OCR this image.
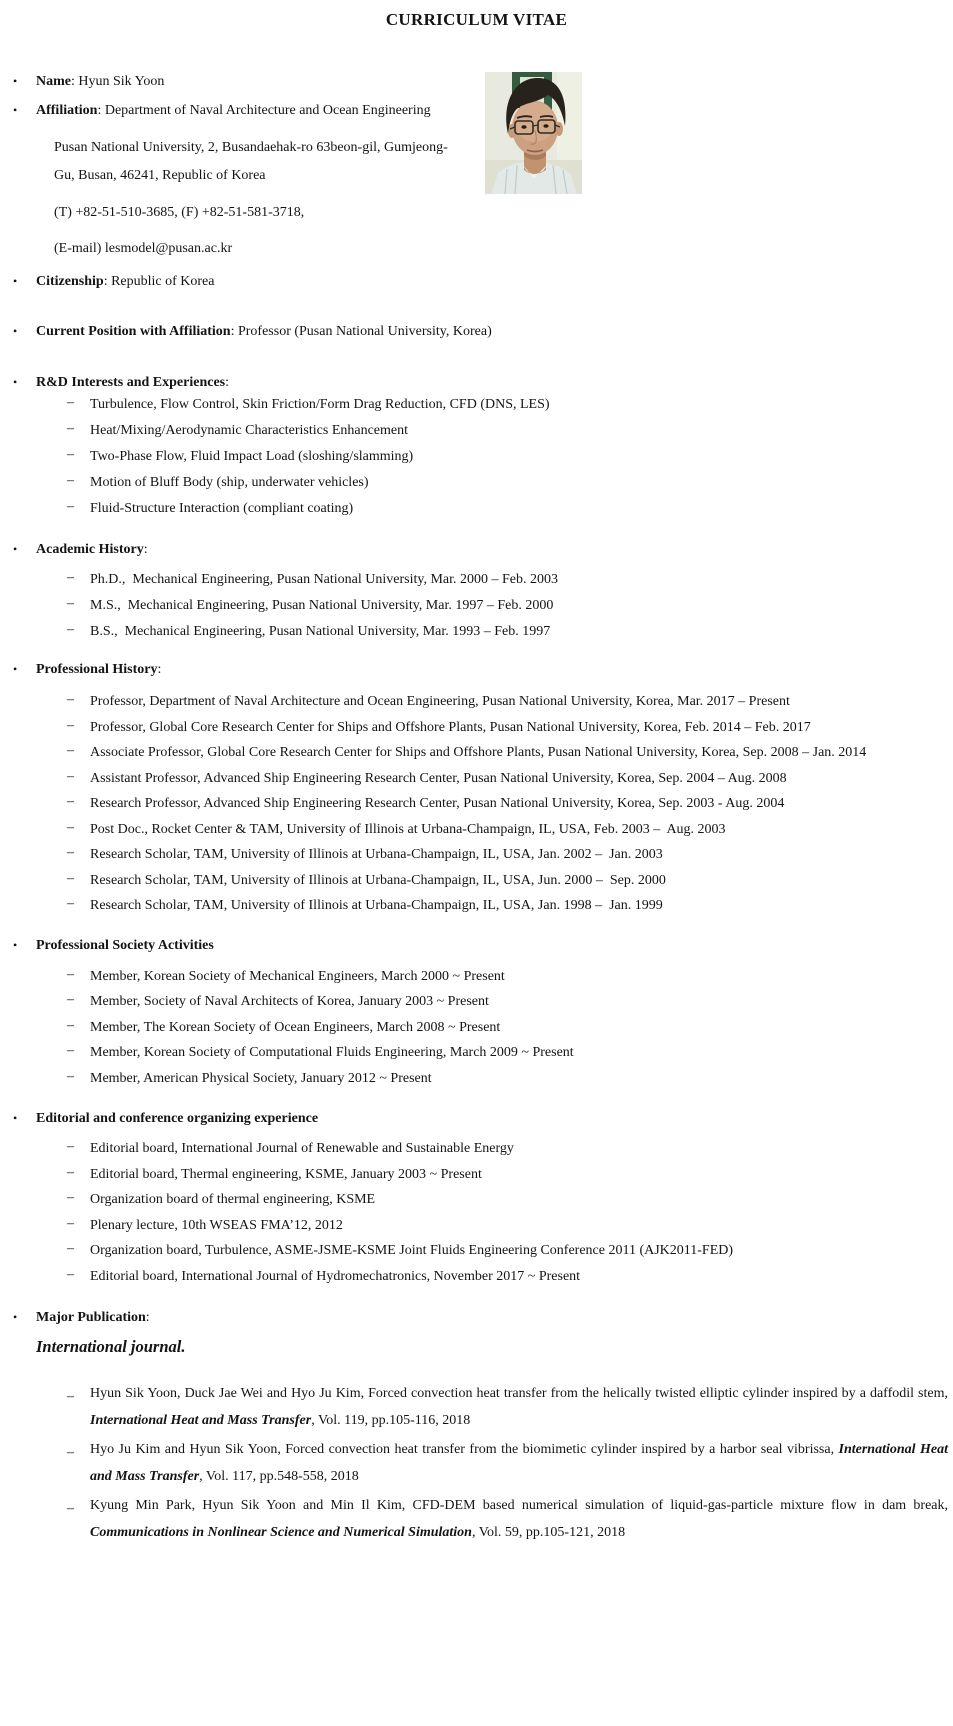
CURRICULUM VITAE
• Name: Hyun Sik Yoon
• Affiliation: Department of Naval Architecture and Ocean Engineering
Pusan National University, 2, Busandaehak-ro 63beon-gil, Gumjeong-
Gu, Busan, 46241, Republic of Korea
(T) +82-51-510-3685, (F) +82-51-581-3718,
(E-mail) lesmodel@pusan.ac.kr
• Citizenship: Republic of Korea
• Current Position with Affiliation: Professor (Pusan National University, Korea)
• R&D Interests and Experiences:
– Turbulence, Flow Control, Skin Friction/Form Drag Reduction, CFD (DNS, LES)
– Heat/Mixing/Aerodynamic Characteristics Enhancement
– Two-Phase Flow, Fluid Impact Load (sloshing/slamming)
– Motion of Bluff Body (ship, underwater vehicles)
– Fluid-Structure Interaction (compliant coating)
• Academic History:
– Ph.D.,  Mechanical Engineering, Pusan National University, Mar. 2000 – Feb. 2003
– M.S.,  Mechanical Engineering, Pusan National University, Mar. 1997 – Feb. 2000
– B.S.,  Mechanical Engineering, Pusan National University, Mar. 1993 – Feb. 1997
• Professional History:
– Professor, Department of Naval Architecture and Ocean Engineering, Pusan National University, Korea, Mar. 2017 – Present
– Professor, Global Core Research Center for Ships and Offshore Plants, Pusan National University, Korea, Feb. 2014 – Feb. 2017
– Associate Professor, Global Core Research Center for Ships and Offshore Plants, Pusan National University, Korea, Sep. 2008 – Jan. 2014
– Assistant Professor, Advanced Ship Engineering Research Center, Pusan National University, Korea, Sep. 2004 – Aug. 2008
– Research Professor, Advanced Ship Engineering Research Center, Pusan National University, Korea, Sep. 2003 - Aug. 2004
– Post Doc., Rocket Center & TAM, University of Illinois at Urbana-Champaign, IL, USA, Feb. 2003 –  Aug. 2003
– Research Scholar, TAM, University of Illinois at Urbana-Champaign, IL, USA, Jan. 2002 –  Jan. 2003
– Research Scholar, TAM, University of Illinois at Urbana-Champaign, IL, USA, Jun. 2000 –  Sep. 2000
– Research Scholar, TAM, University of Illinois at Urbana-Champaign, IL, USA, Jan. 1998 –  Jan. 1999
• Professional Society Activities
– Member, Korean Society of Mechanical Engineers, March 2000 ~ Present
– Member, Society of Naval Architects of Korea, January 2003 ~ Present
– Member, The Korean Society of Ocean Engineers, March 2008 ~ Present
– Member, Korean Society of Computational Fluids Engineering, March 2009 ~ Present
– Member, American Physical Society, January 2012 ~ Present
• Editorial and conference organizing experience
– Editorial board, International Journal of Renewable and Sustainable Energy
– Editorial board, Thermal engineering, KSME, January 2003 ~ Present
– Organization board of thermal engineering, KSME
– Plenary lecture, 10th WSEAS FMA’12, 2012
– Organization board, Turbulence, ASME-JSME-KSME Joint Fluids Engineering Conference 2011 (AJK2011-FED)
– Editorial board, International Journal of Hydromechatronics, November 2017 ~ Present
• Major Publication:
International journal.
– Hyun Sik Yoon, Duck Jae Wei and Hyo Ju Kim, Forced convection heat transfer from the helically twisted elliptic cylinder inspired by a daffodil stem, International Heat and Mass Transfer, Vol. 119, pp.105-116, 2018
– Hyo Ju Kim and Hyun Sik Yoon, Forced convection heat transfer from the biomimetic cylinder inspired by a harbor seal vibrissa, International Heat and Mass Transfer, Vol. 117, pp.548-558, 2018
– Kyung Min Park, Hyun Sik Yoon and Min Il Kim, CFD-DEM based numerical simulation of liquid-gas-particle mixture flow in dam break, Communications in Nonlinear Science and Numerical Simulation, Vol. 59, pp.105-121, 2018
